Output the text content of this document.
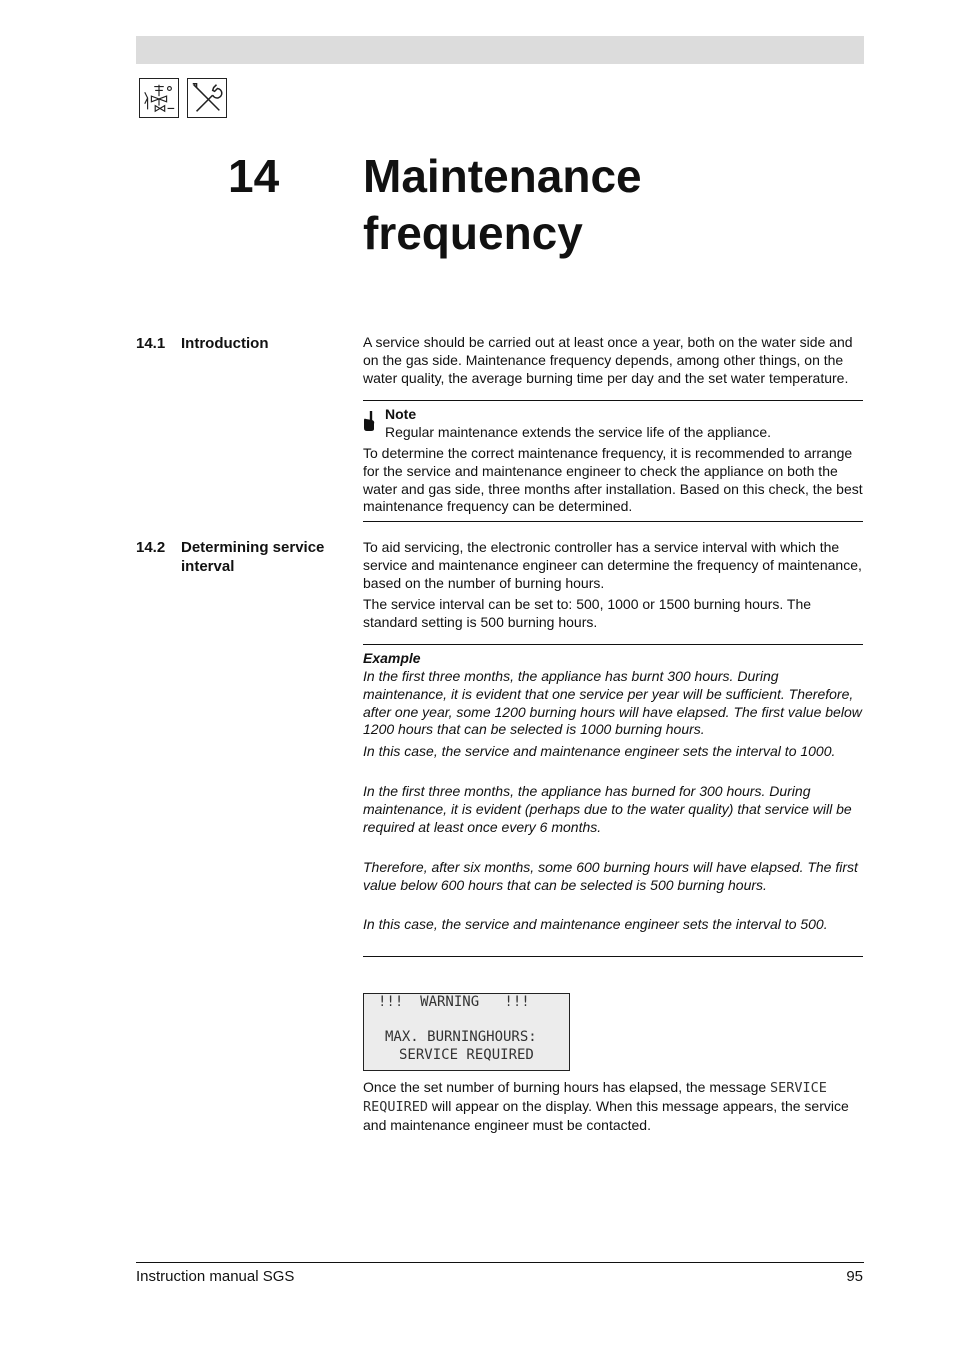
14 Maintenance
frequency
14.1 Introduction	A service should be carried out at least once a year, both on the water side and on the gas side. Maintenance frequency depends, among other things, on the water quality, the average burning time per day and the set water temperature.

Note
Regular maintenance extends the service life of the appliance.

To determine the correct maintenance frequency, it is recommended to arrange for the service and maintenance engineer to check the appliance on both the water and gas side, three months after installation. Based on this check, the best maintenance frequency can be determined.

14.2 Determining service
interval

To aid servicing, the electronic controller has a service interval with which the service and maintenance engineer can determine the frequency of maintenance, based on the number of burning hours.

The service interval can be set to: 500, 1000 or 1500 burning hours. The standard setting is 500 burning hours.

Example

In the first three months, the appliance has burnt 300 hours. During maintenance, it is evident that one service per year will be sufficient. Therefore, after one year, some 1200 burning hours will have elapsed. The first value below 1200 hours that can be selected is 1000 burning hours.

In this case, the service and maintenance engineer sets the interval to 1000.

In the first three months, the appliance has burned for 300 hours. During maintenance, it is evident (perhaps due to the water quality) that service will be required at least once every 6 months.

Therefore, after six months, some 600 burning hours will have elapsed. The first value below 600 hours that can be selected is 500 burning hours.

In this case, the service and maintenance engineer sets the interval to 500.

!!!  WARNING   !!!
MAX. BURNINGHOURS:
SERVICE REQUIRED

Once the set number of burning hours has elapsed, the message SERVICE REQUIRED will appear on the display. When this message appears, the service and maintenance engineer must be contacted.

Instruction manual SGS	95
